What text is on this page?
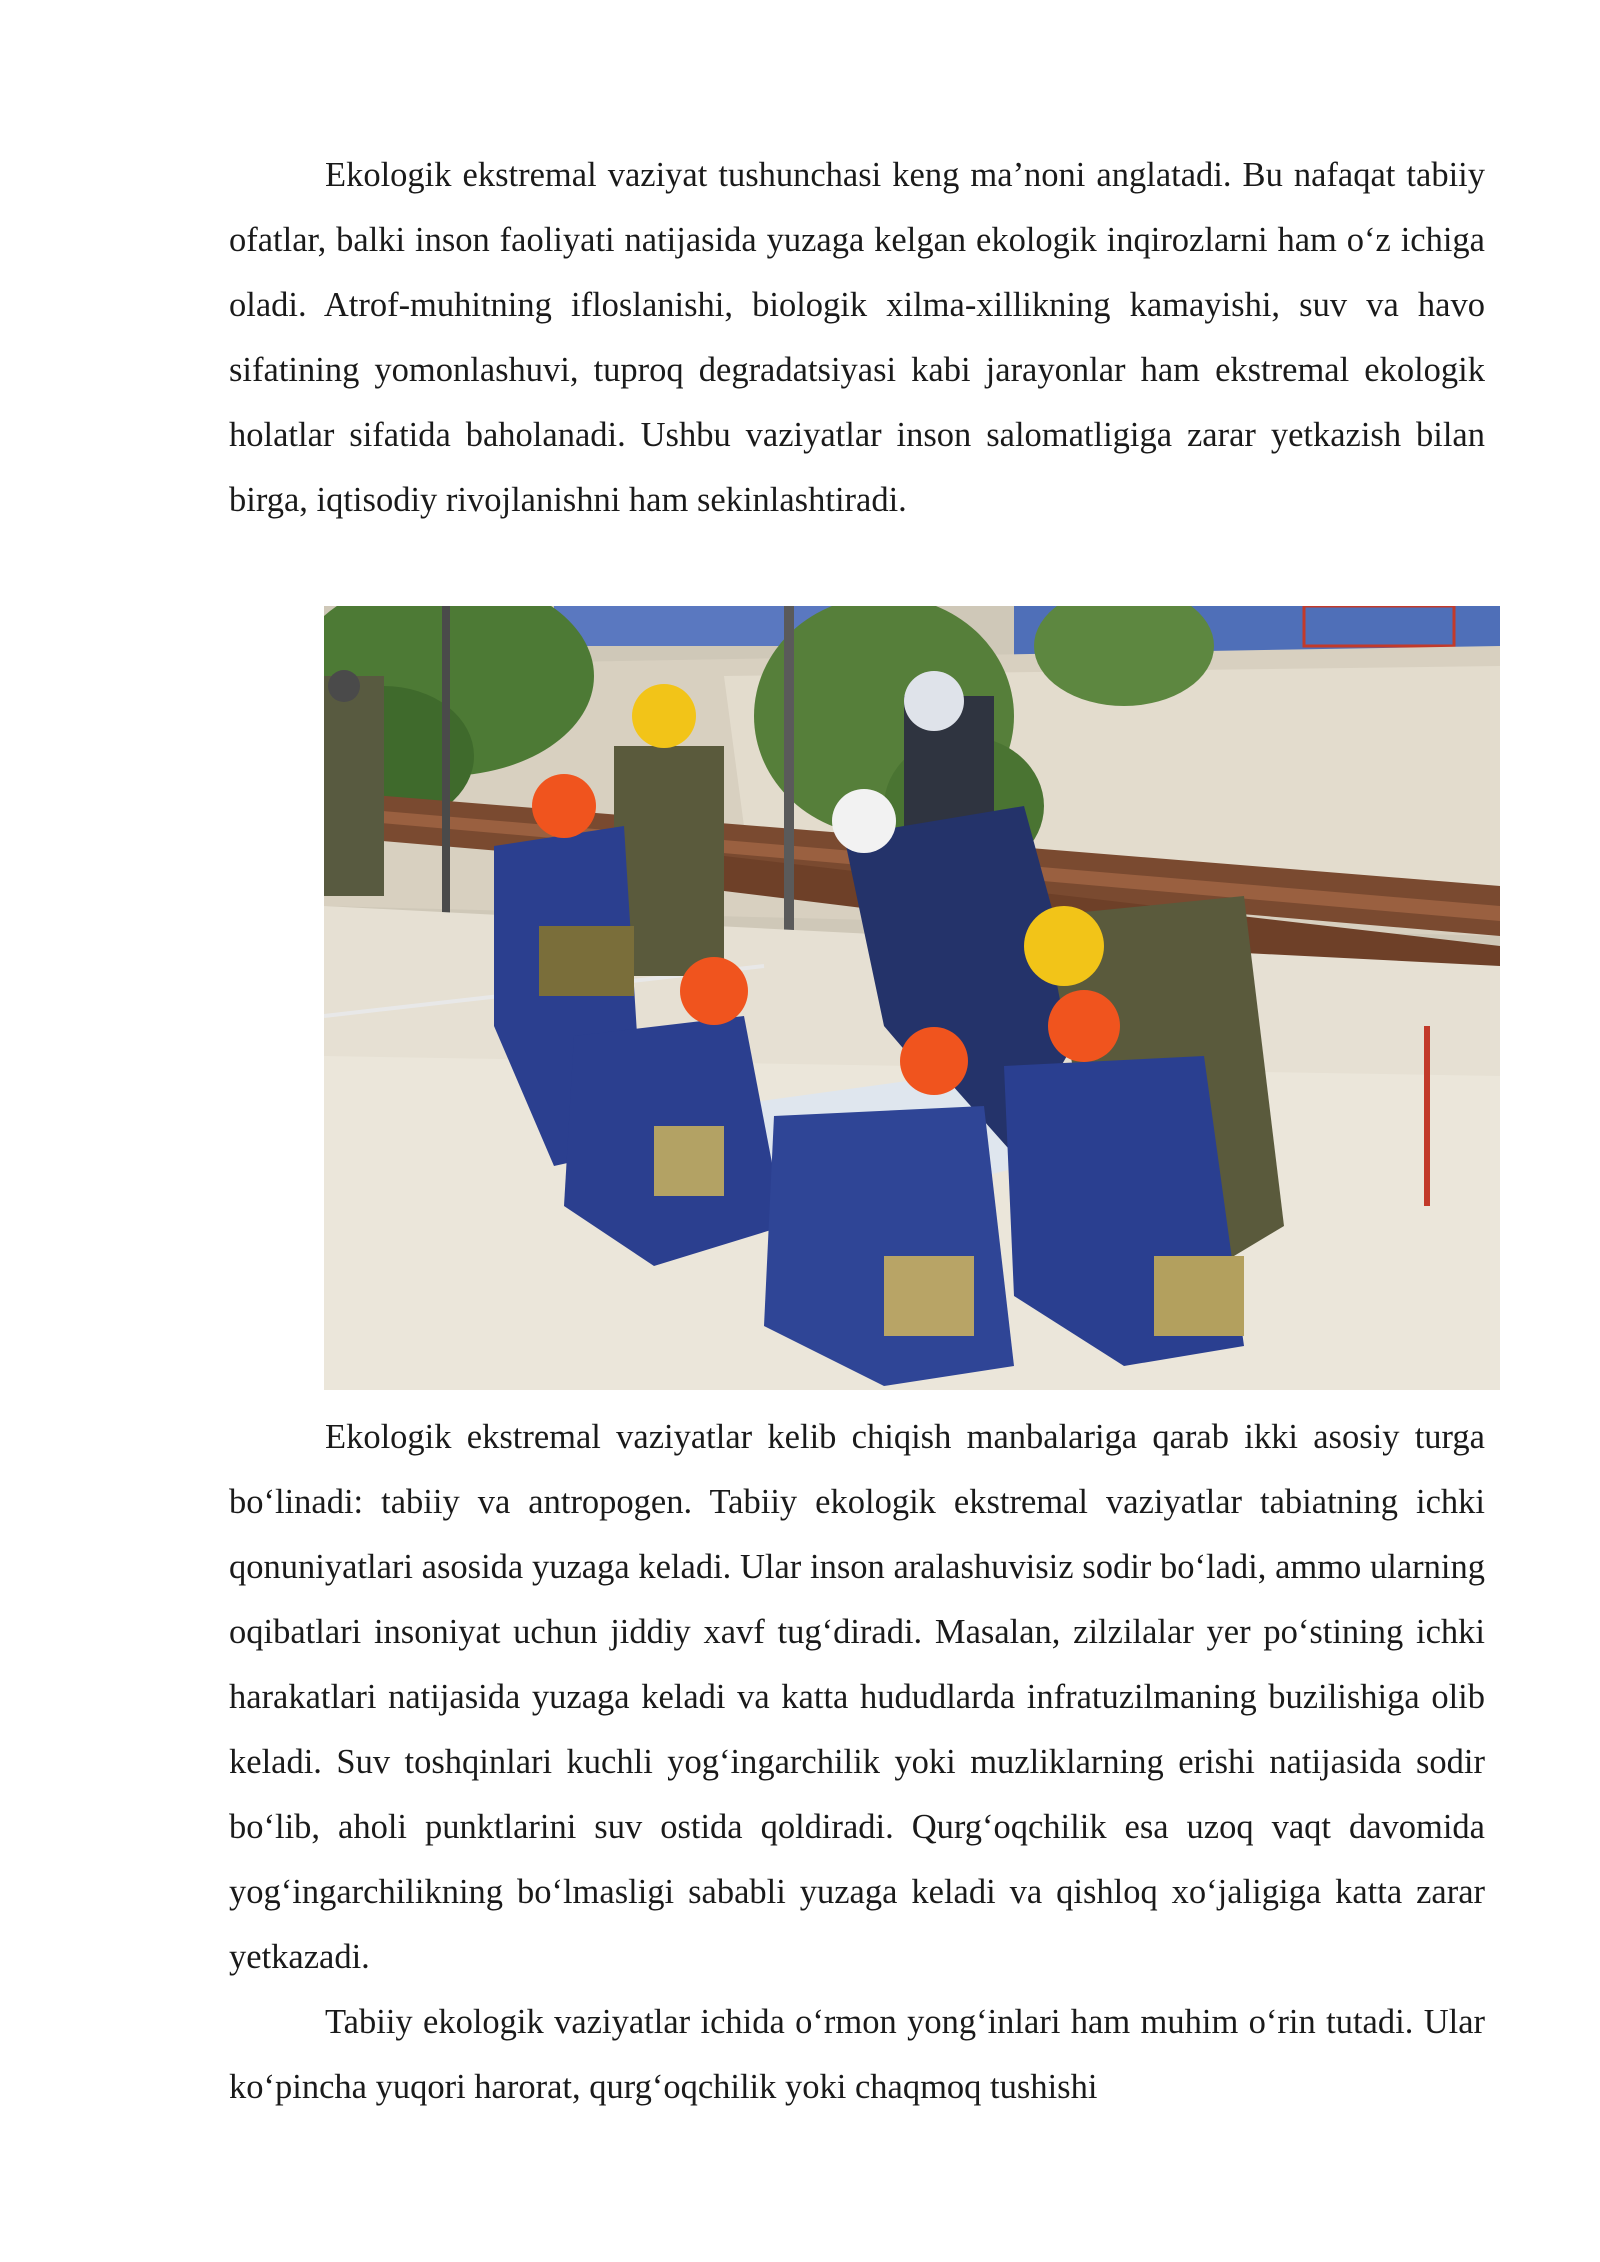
Ekologik ekstremal vaziyat tushunchasi keng ma’noni anglatadi. Bu nafaqat tabiiy ofatlar, balki inson faoliyati natijasida yuzaga kelgan ekologik inqirozlarni ham o‘z ichiga oladi. Atrof-muhitning ifloslanishi, biologik xilma-xillikning kamayishi, suv va havo sifatining yomonlashuvi, tuproq degradatsiyasi kabi jarayonlar ham ekstremal ekologik holatlar sifatida baholanadi. Ushbu vaziyatlar inson salomatligiga zarar yetkazish bilan birga, iqtisodiy rivojlanishni ham sekinlashtiradi.

Ekologik ekstremal vaziyatlar kelib chiqish manbalariga qarab ikki asosiy turga bo‘linadi: tabiiy va antropogen. Tabiiy ekologik ekstremal vaziyatlar tabiatning ichki qonuniyatlari asosida yuzaga keladi. Ular inson aralashuvisiz sodir bo‘ladi, ammo ularning oqibatlari insoniyat uchun jiddiy xavf tug‘diradi. Masalan, zilzilalar yer po‘stining ichki harakatlari natijasida yuzaga keladi va katta hududlarda infratuzilmaning buzilishiga olib keladi. Suv toshqinlari kuchli yog‘ingarchilik yoki muzliklarning erishi natijasida sodir bo‘lib, aholi punktlarini suv ostida qoldiradi. Qurg‘oqchilik esa uzoq vaqt davomida yog‘ingarchilikning bo‘lmasligi sababli yuzaga keladi va qishloq xo‘jaligiga katta zarar yetkazadi.

Tabiiy ekologik vaziyatlar ichida o‘rmon yong‘inlari ham muhim o‘rin tutadi. Ular ko‘pincha yuqori harorat, qurg‘oqchilik yoki chaqmoq tushishi
